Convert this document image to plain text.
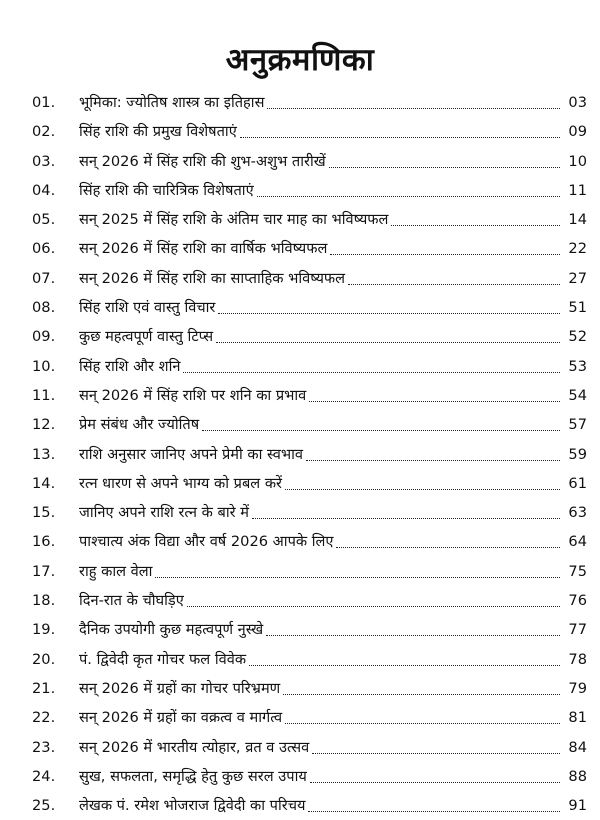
अनुक्रमणिका
01.	भूमिका: ज्योतिष शास्त्र का इतिहास	03
02.	सिंह राशि की प्रमुख विशेषताएं	09
03.	सन् 2026 में सिंह राशि की शुभ-अशुभ तारीखें	10
04.	सिंह राशि की चारित्रिक विशेषताएं	11
05.	सन् 2025 में सिंह राशि के अंतिम चार माह का भविष्यफल	14
06.	सन् 2026 में सिंह राशि का वार्षिक भविष्यफल	22
07.	सन् 2026 में सिंह राशि का साप्ताहिक भविष्यफल	27
08.	सिंह राशि एवं वास्तु विचार	51
09.	कुछ महत्वपूर्ण वास्तु टिप्स	52
10.	सिंह राशि और शनि	53
11.	सन् 2026 में सिंह राशि पर शनि का प्रभाव	54
12.	प्रेम संबंध और ज्योतिष	57
13.	राशि अनुसार जानिए अपने प्रेमी का स्वभाव	59
14.	रत्न धारण से अपने भाग्य को प्रबल करें	61
15.	जानिए अपने राशि रत्न के बारे में	63
16.	पाश्चात्य अंक विद्या और वर्ष 2026 आपके लिए	64
17.	राहु काल वेला	75
18.	दिन-रात के चौघड़िए	76
19.	दैनिक उपयोगी कुछ महत्वपूर्ण नुस्खे	77
20.	पं. द्विवेदी कृत गोचर फल विवेक	78
21.	सन् 2026 में ग्रहों का गोचर परिभ्रमण	79
22.	सन् 2026 में ग्रहों का वक्रत्व व मार्गत्व	81
23.	सन् 2026 में भारतीय त्योहार, व्रत व उत्सव	84
24.	सुख, सफलता, समृद्धि हेतु कुछ सरल उपाय	88
25.	लेखक पं. रमेश भोजराज द्विवेदी का परिचय	91
